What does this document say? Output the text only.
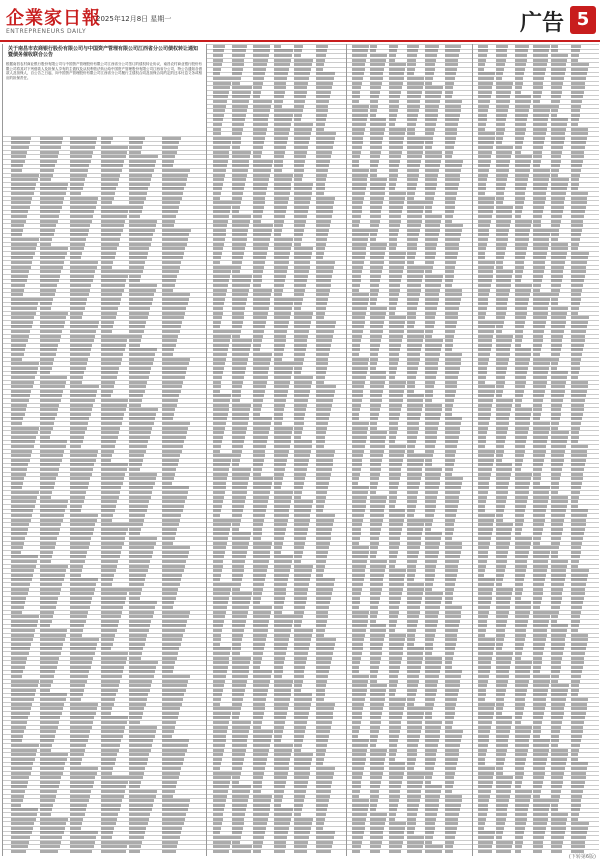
企業家日報
ENTREPRENEURS DAILY
2025年12月8日 星期一	广告 5
关于南昌市农商银行股份有限公司与中国资产管理有限公司江西省分公司债权转让通知暨债务催收联合公告
根据南昌农村商业银行股份有限公司与中国资产管理股份有限公司江西省分公司签订的债权转让协议，南昌农村商业银行股份有限公司将其对下列借款人及担保人享有的主债权及从权利依法转让给中国资产管理股份有限公司江西省分公司，特公告通知各借款人及担保人，自公告之日起，向中国资产管理股份有限公司江西省分公司履行主债权合同及担保合同约定的还本付息义务或相应的担保责任。
(下转第6版)
